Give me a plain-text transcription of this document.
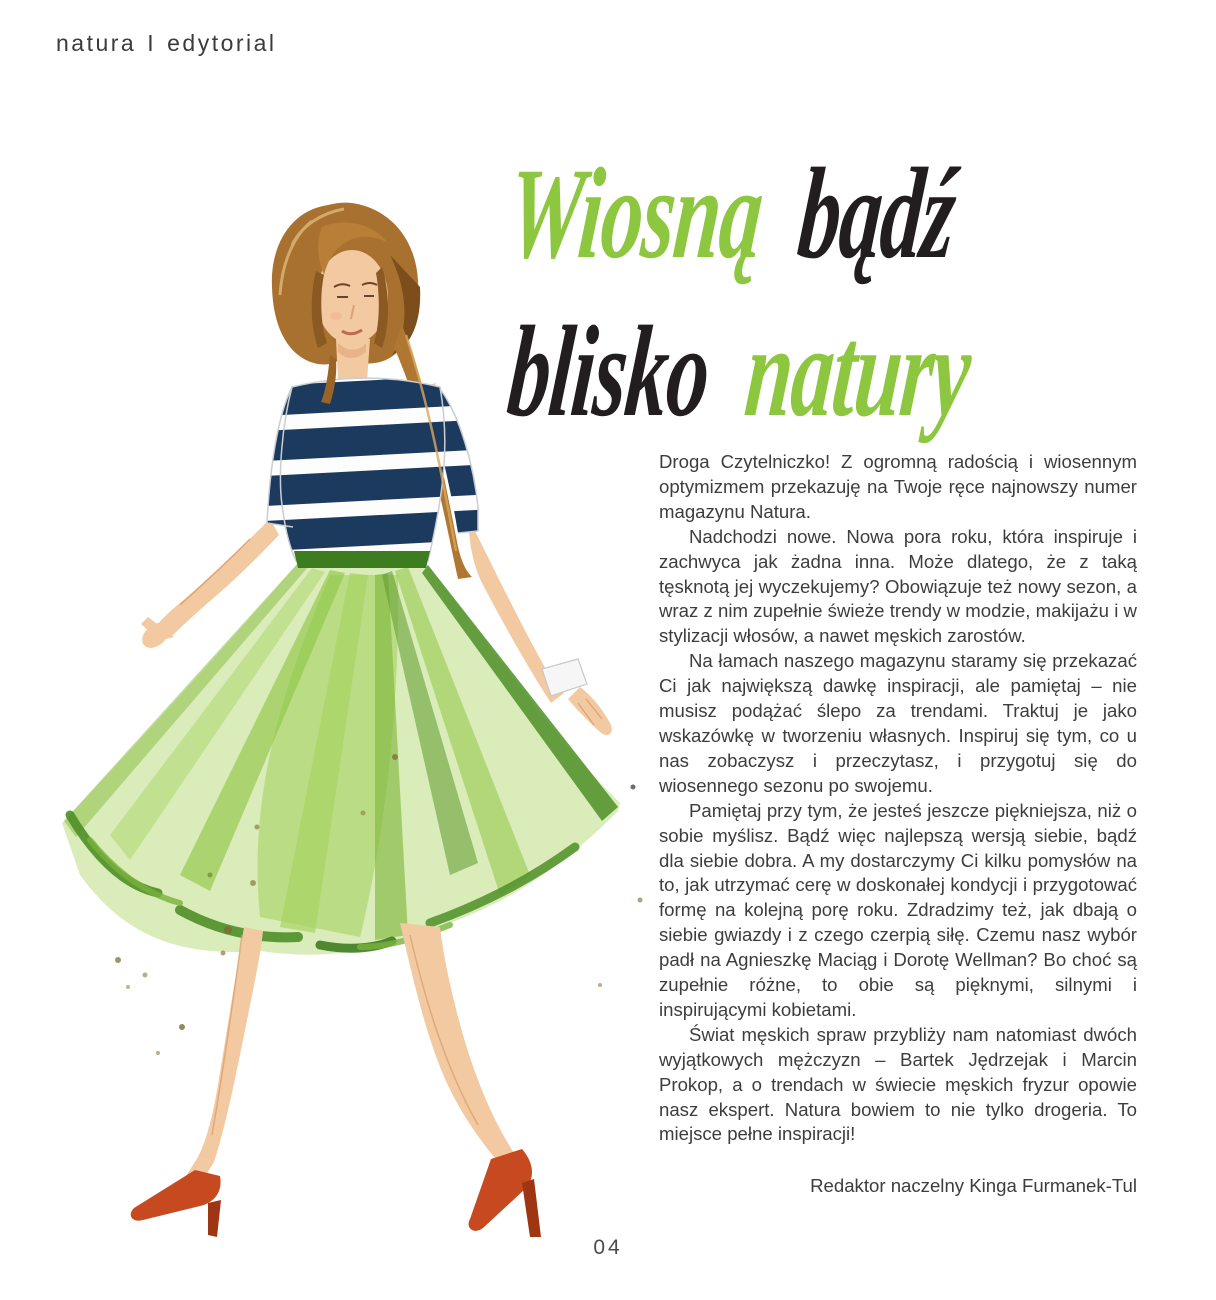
natura I edytorial
Wiosną bądź
blisko natury

Droga Czytelniczko! Z ogromną radością i wiosennym optymizmem przekazuję na Twoje ręce najnowszy numer magazynu Natura.

Nadchodzi nowe. Nowa pora roku, która inspiruje i zachwyca jak żadna inna. Może dlatego, że z taką tęsknotą jej wyczekujemy? Obowiązuje też nowy sezon, a wraz z nim zupełnie świeże trendy w modzie, makijażu i w stylizacji włosów, a nawet męskich zarostów.

Na łamach naszego magazynu staramy się przekazać Ci jak największą dawkę inspiracji, ale pamiętaj – nie musisz podążać ślepo za trendami. Traktuj je jako wskazówkę w tworzeniu własnych. Inspiruj się tym, co u nas zobaczysz i przeczytasz, i przygotuj się do wiosennego sezonu po swojemu.

Pamiętaj przy tym, że jesteś jeszcze piękniejsza, niż o sobie myślisz. Bądź więc najlepszą wersją siebie, bądź dla siebie dobra. A my dostarczymy Ci kilku pomysłów na to, jak utrzymać cerę w doskonałej kondycji i przygotować formę na kolejną porę roku. Zdradzimy też, jak dbają o siebie gwiazdy i z czego czerpią siłę. Czemu nasz wybór padł na Agnieszkę Maciąg i Dorotę Wellman? Bo choć są zupełnie różne, to obie są pięknymi, silnymi i inspirującymi kobietami.

Świat męskich spraw przybliży nam natomiast dwóch wyjątkowych mężczyzn – Bartek Jędrzejak i Marcin Prokop, a o trendach w świecie męskich fryzur opowie nasz ekspert. Natura bowiem to nie tylko drogeria. To miejsce pełne inspiracji!

Redaktor naczelny Kinga Furmanek-Tul
04
